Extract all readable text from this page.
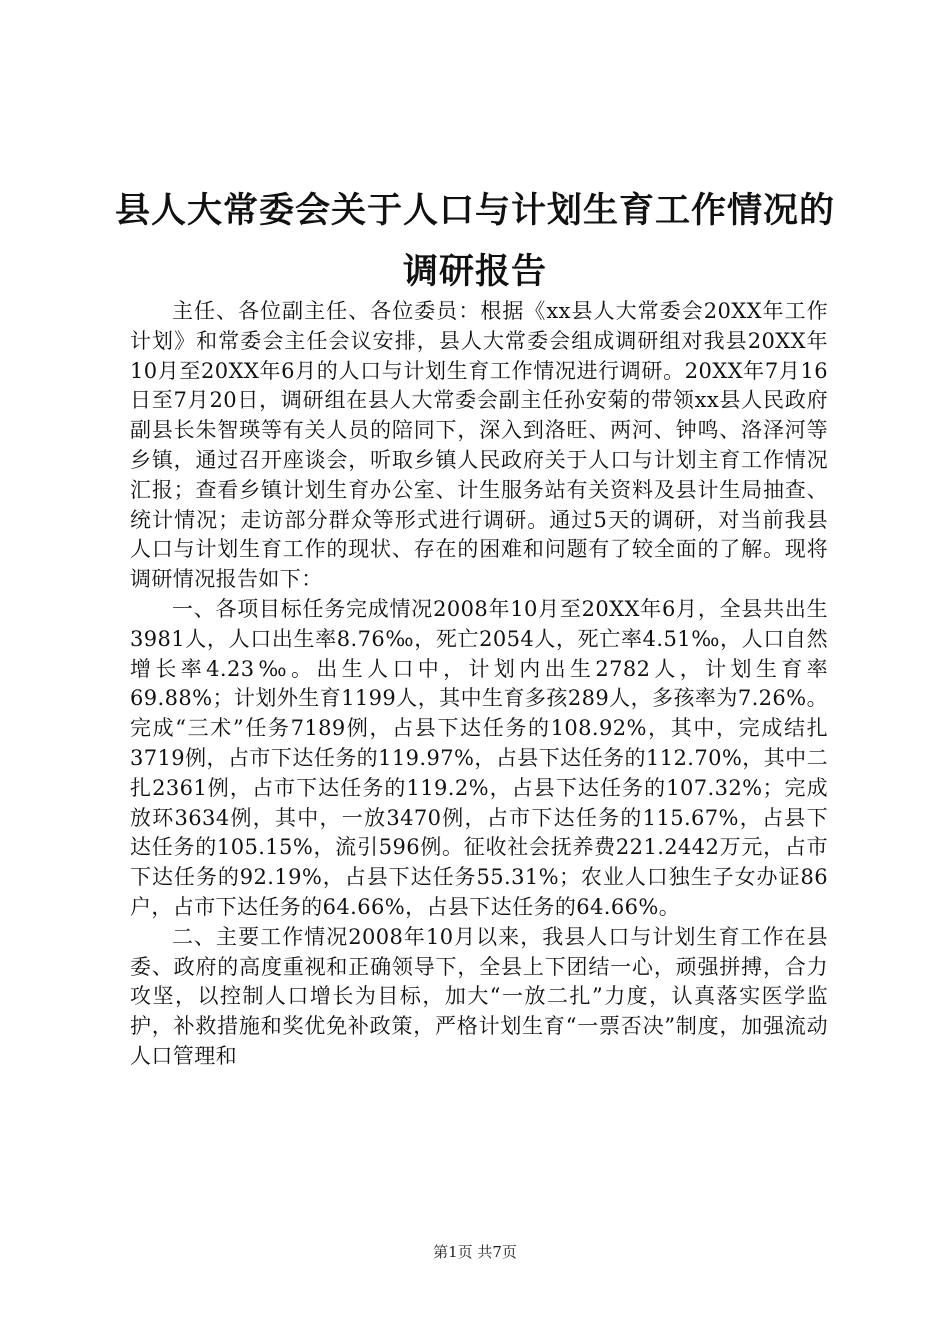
县人大常委会关于人口与计划生育工作情况的
调研报告

主任、各位副主任、各位委员：根据《xx县人大常委会20XX年工作计划》和常委会主任会议安排，县人大常委会组成调研组对我县20XX年10月至20XX年6月的人口与计划生育工作情况进行调研。20XX年7月16日至7月20日，调研组在县人大常委会副主任孙安菊的带领xx县人民政府副县长朱智瑛等有关人员的陪同下，深入到洛旺、两河、钟鸣、洛泽河等乡镇，通过召开座谈会，听取乡镇人民政府关于人口与计划主育工作情况汇报；查看乡镇计划生育办公室、计生服务站有关资料及县计生局抽查、统计情况；走访部分群众等形式进行调研。通过5天的调研，对当前我县人口与计划生育工作的现状、存在的困难和问题有了较全面的了解。现将调研情况报告如下：

一、各项目标任务完成情况2008年10月至20XX年6月，全县共出生3981人，人口出生率8.76‰，死亡2054人，死亡率4.51‰，人口自然增长率4.23‰。出生人口中，计划内出生2782人，计划生育率69.88%；计划外生育1199人，其中生育多孩289人，多孩率为7.26%。完成“三术”任务7189例，占县下达任务的108.92%，其中，完成结扎3719例，占市下达任务的119.97%，占县下达任务的112.70%，其中二扎2361例，占市下达任务的119.2%，占县下达任务的107.32%；完成放环3634例，其中，一放3470例，占市下达任务的115.67%，占县下达任务的105.15%，流引596例。征收社会抚养费221.2442万元，占市下达任务的92.19%，占县下达任务55.31%；农业人口独生子女办证86户，占市下达任务的64.66%，占县下达任务的64.66%。

二、主要工作情况2008年10月以来，我县人口与计划生育工作在县委、政府的高度重视和正确领导下，全县上下团结一心，顽强拼搏，合力攻坚，以控制人口增长为目标，加大“一放二扎”力度，认真落实医学监护，补救措施和奖优免补政策，严格计划生育“一票否决”制度，加强流动人口管理和

第1页 共7页
